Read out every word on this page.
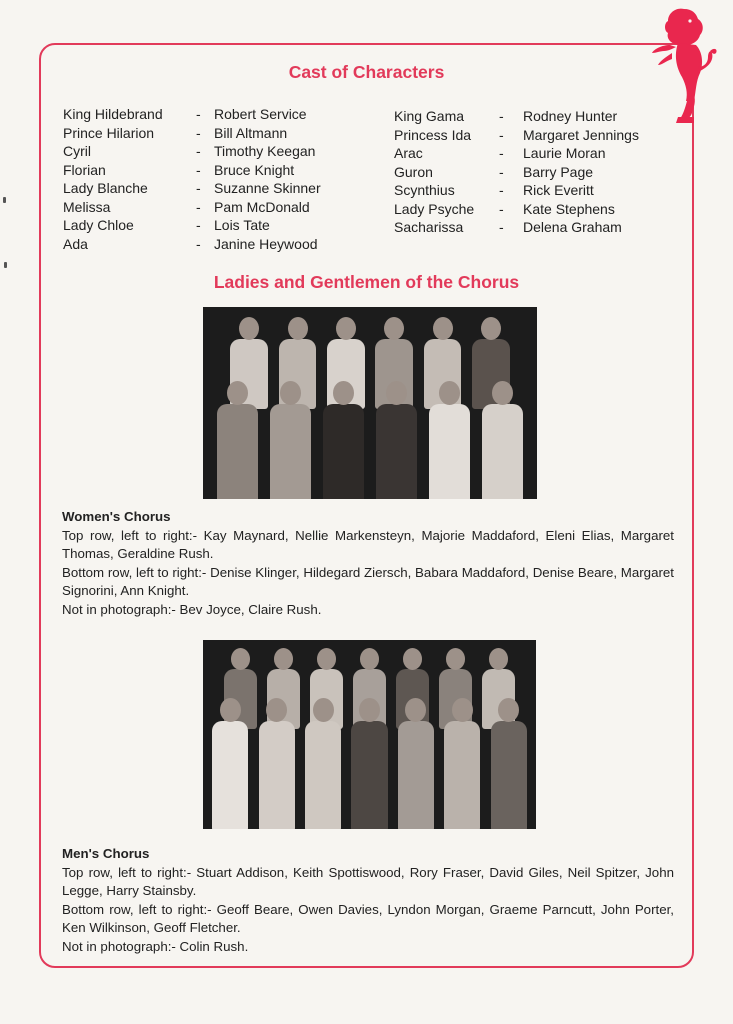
Cast of Characters
King Hildebrand	- Robert Service
Prince Hilarion	- Bill Altmann
Cyril	- Timothy Keegan
Florian	- Bruce Knight
Lady Blanche	- Suzanne Skinner
Melissa	- Pam McDonald
Lady Chloe	- Lois Tate
Ada	- Janine Heywood
King Gama	-	Rodney Hunter
Princess Ida	-	Margaret Jennings
Arac	-	Laurie Moran
Guron	-	Barry Page
Scynthius	-	Rick Everitt
Lady Psyche	-	Kate Stephens
Sacharissa	-	Delena Graham
Ladies and Gentlemen of the Chorus
Women's Chorus

Top row, left to right:- Kay Maynard, Nellie Markensteyn, Majorie Maddaford, Eleni Elias, Margaret Thomas, Geraldine Rush.

Bottom row, left to right:- Denise Klinger, Hildegard Ziersch, Babara Maddaford, Denise Beare, Margaret Signorini, Ann Knight.

Not in photograph:- Bev Joyce, Claire Rush.

Men's Chorus

Top row, left to right:- Stuart Addison, Keith Spottiswood, Rory Fraser, David Giles, Neil Spitzer, John Legge, Harry Stainsby.

Bottom row, left to right:- Geoff Beare, Owen Davies, Lyndon Morgan, Graeme Parncutt, John Porter, Ken Wilkinson, Geoff Fletcher.

Not in photograph:- Colin Rush.
